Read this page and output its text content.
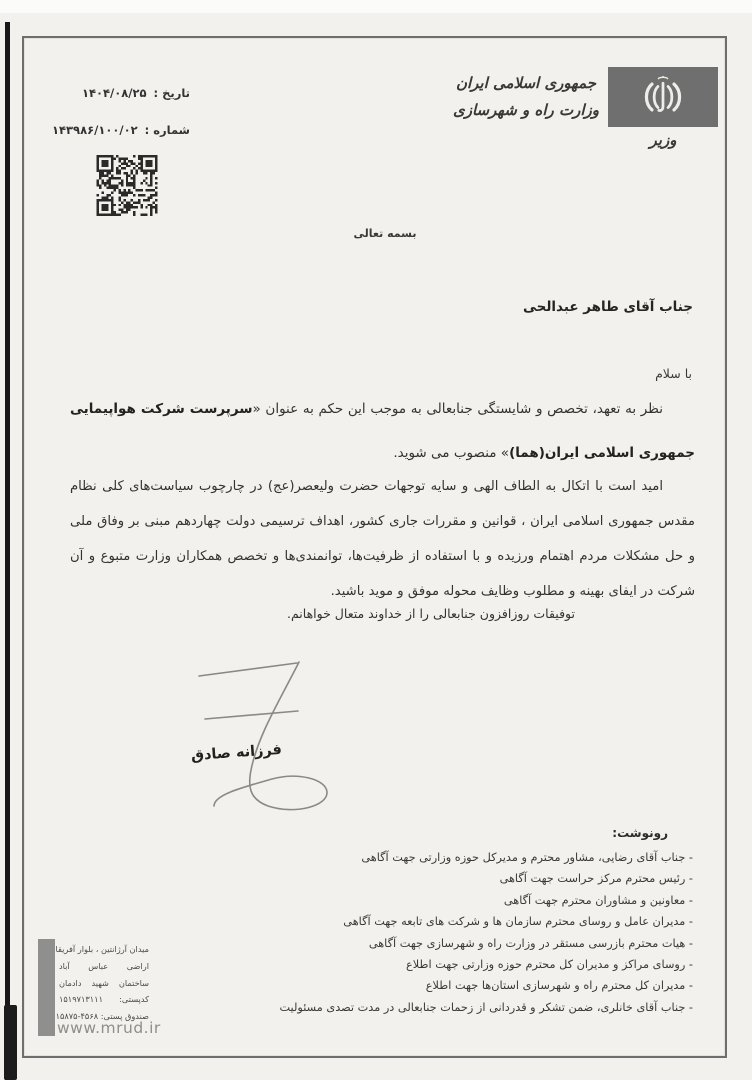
جمهوری اسلامی ایران
وزارت راه و شهرسازی
وزیر
تاریخ : ۱۴۰۴/۰۸/۲۵
شماره : ۱۴۳۹۸۶/۱۰۰/۰۲
بسمه تعالی
جناب آقای طاهر عبدالحی
با سلام
نظر به تعهد، تخصص و شایستگی جنابعالی به موجب این حکم به عنوان «سرپرست شرکت هواپیمایی جمهوری اسلامی ایران(هما)» منصوب می شوید.
امید است با اتکال به الطاف الهی و سایه توجهات حضرت ولیعصر(عج) در چارچوب سیاست‌های کلی نظام مقدس جمهوری اسلامی ایران ، قوانین و مقررات جاری کشور، اهداف ترسیمی دولت چهاردهم مبنی بر وفاق ملی و حل مشکلات مردم اهتمام ورزیده و با استفاده از ظرفیت‌ها، توانمندی‌ها و تخصص همکاران وزارت متبوع و آن شرکت در ایفای بهینه و مطلوب وظایف محوله موفق و موید باشید.
توفیقات روزافزون جنابعالی را از خداوند متعال خواهانم.
فرزانه صادق
رونوشت:
- جناب آقای رضایی، مشاور محترم و مدیرکل حوزه وزارتی جهت آگاهی
- رئیس محترم مرکز حراست جهت آگاهی
- معاونین و مشاوران محترم جهت آگاهی
- مدیران عامل و روسای محترم سازمان ها و شرکت های تابعه جهت آگاهی
- هیات محترم بازرسی مستقر در وزارت راه و شهرسازی جهت آگاهی
- روسای مراکز و مدیران کل محترم حوزه وزارتی جهت اطلاع
- مدیران کل محترم راه و شهرسازی استان‌ها جهت اطلاع
- جناب آقای خانلری، ضمن تشکر و قدردانی از زحمات جنابعالی در مدت تصدی مسئولیت
میدان آرژانتین ، بلوار آفریقا
اراضی عباس آباد
ساختمان شهید دادمان
کدپستی: ۱۵۱۹۷۱۳۱۱۱
صندوق پستی: ۱۵۸۷۵-۴۵۶۸
www.mrud.ir
